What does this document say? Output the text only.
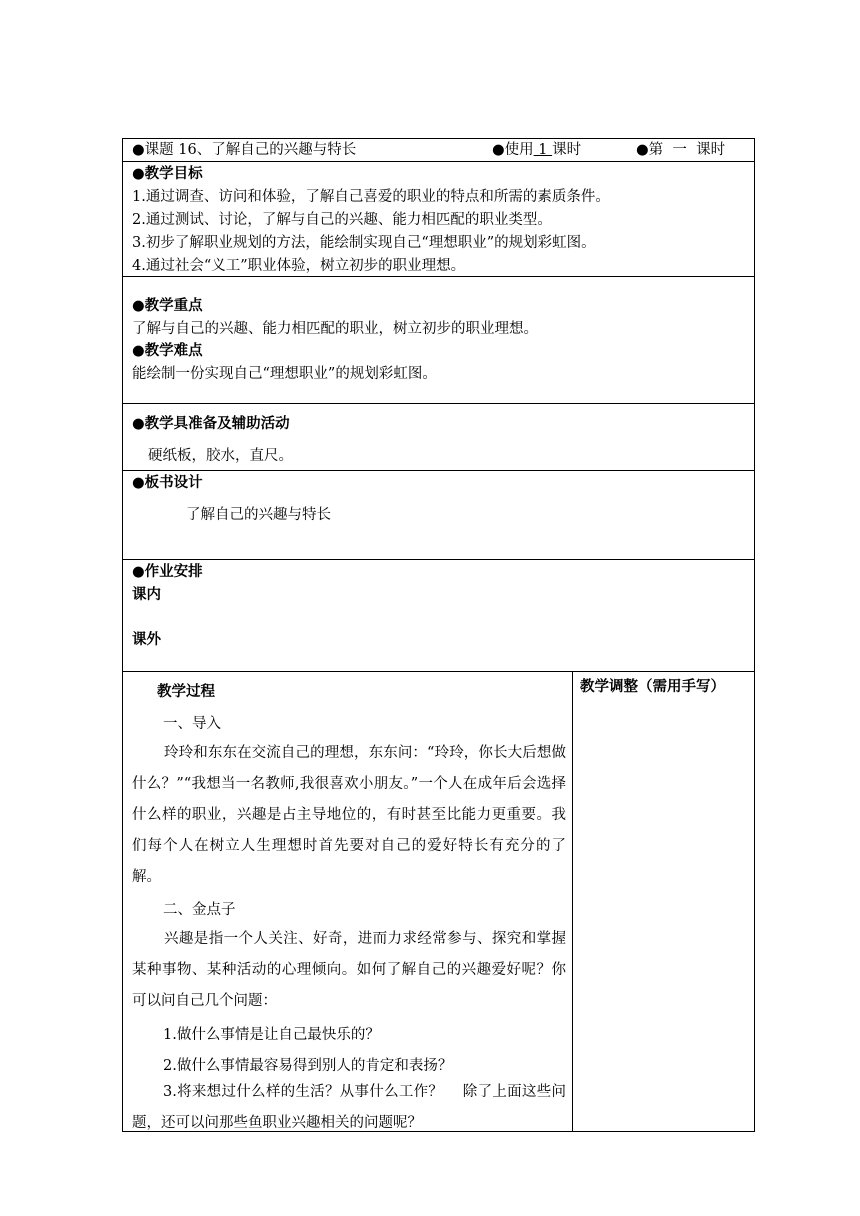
●课题 16、了解自己的兴趣与特长	●使用 1 课时	●第  一  课时
●教学目标
1.通过调查、访问和体验，了解自己喜爱的职业的特点和所需的素质条件。
2.通过测试、讨论，了解与自己的兴趣、能力相匹配的职业类型。
3.初步了解职业规划的方法，能绘制实现自己“理想职业”的规划彩虹图。
4.通过社会“义工”职业体验，树立初步的职业理想。
●教学重点
了解与自己的兴趣、能力相匹配的职业，树立初步的职业理想。
●教学难点
能绘制一份实现自己“理想职业”的规划彩虹图。
●教学具准备及辅助活动
硬纸板，胶水，直尺。
●板书设计
了解自己的兴趣与特长
●作业安排
课内
课外
教学过程
一、导入
玲玲和东东在交流自己的理想，东东问：“玲玲，你长大后想做什么？”“我想当一名教师,我很喜欢小朋友。”一个人在成年后会选择什么样的职业，兴趣是占主导地位的，有时甚至比能力更重要。我们每个人在树立人生理想时首先要对自己的爱好特长有充分的了解。
二、金点子
兴趣是指一个人关注、好奇，进而力求经常参与、探究和掌握某种事物、某种活动的心理倾向。如何了解自己的兴趣爱好呢？你可以问自己几个问题：
1.做什么事情是让自己最快乐的？
2.做什么事情最容易得到别人的肯定和表扬？
3.将来想过什么样的生活？从事什么工作？    除了上面这些问题，还可以问那些鱼职业兴趣相关的问题呢？
教学调整（需用手写）
